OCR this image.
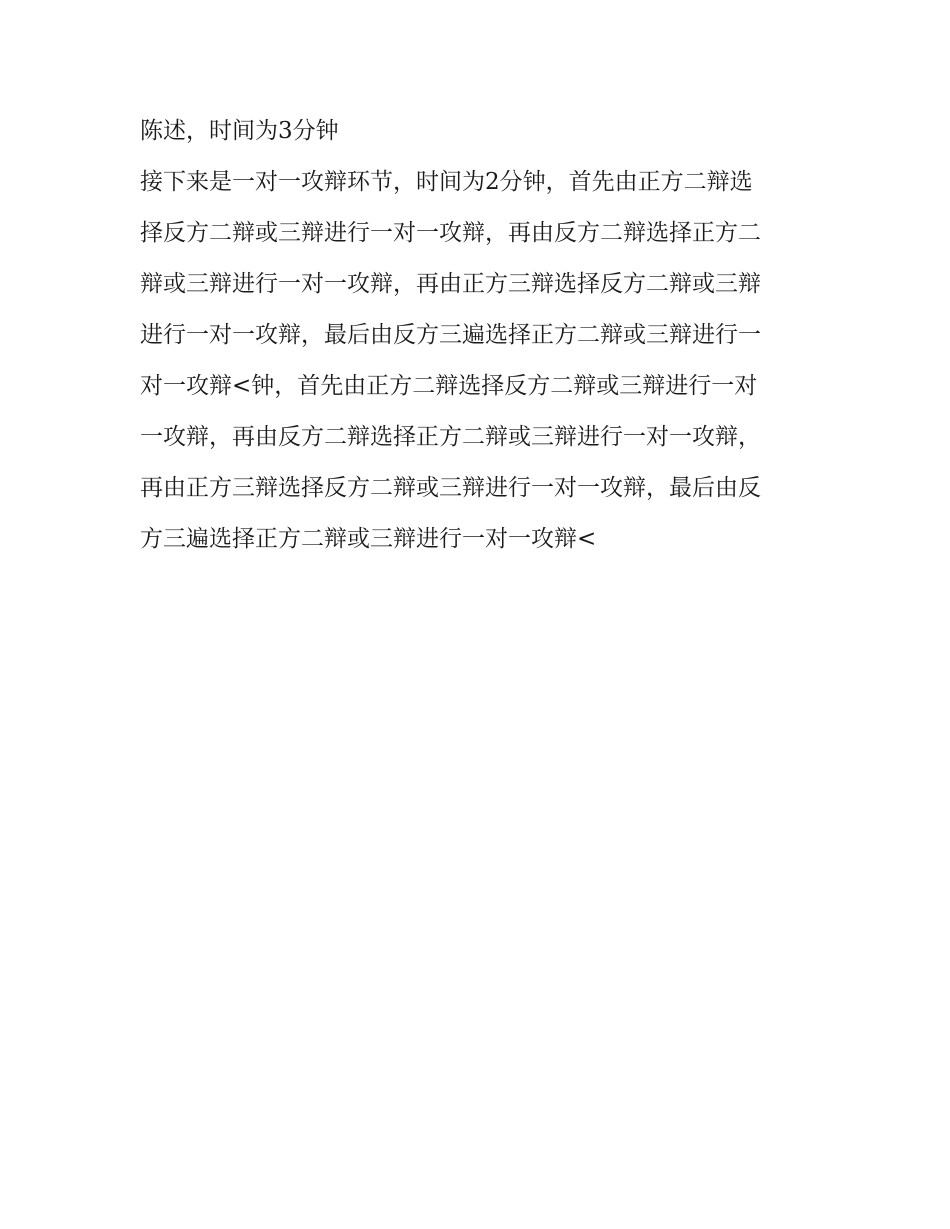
陈述，时间为3分钟
接下来是一对一攻辩环节，时间为2分钟，首先由正方二辩选
择反方二辩或三辩进行一对一攻辩，再由反方二辩选择正方二
辩或三辩进行一对一攻辩，再由正方三辩选择反方二辩或三辩
进行一对一攻辩，最后由反方三遍选择正方二辩或三辩进行一
对一攻辩<钟，首先由正方二辩选择反方二辩或三辩进行一对
一攻辩，再由反方二辩选择正方二辩或三辩进行一对一攻辩，
再由正方三辩选择反方二辩或三辩进行一对一攻辩，最后由反
方三遍选择正方二辩或三辩进行一对一攻辩<
